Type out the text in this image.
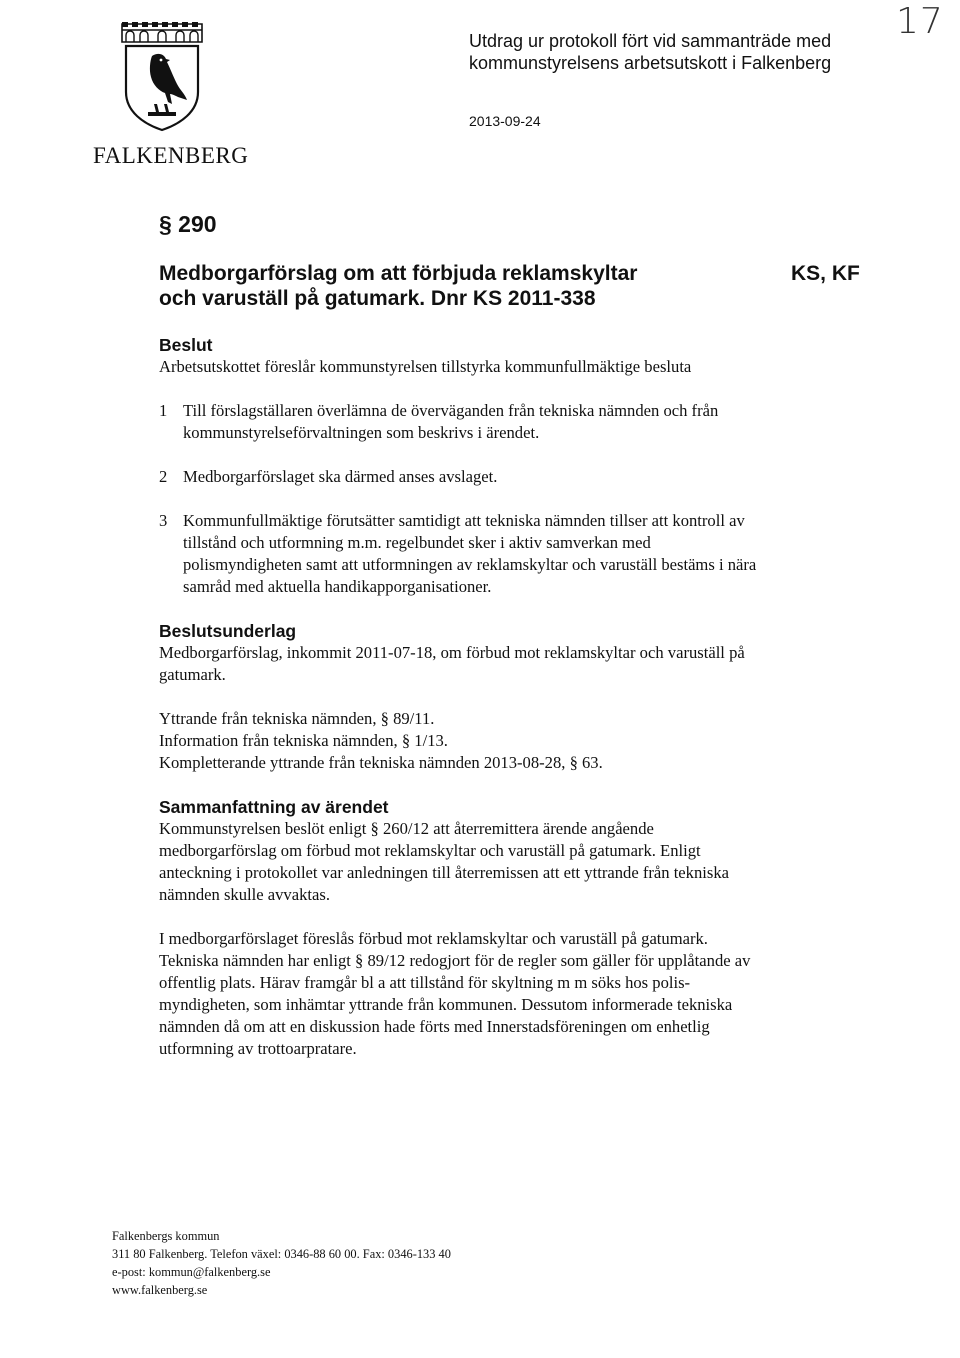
17
FALKENBERG
Utdrag ur protokoll fört vid sammanträde med
kommunstyrelsens arbetsutskott i Falkenberg
2013-09-24
§ 290
Medborgarförslag om att förbjuda reklamskyltar
och varuställ på gatumark. Dnr KS 2011-338
KS, KF
Beslut
Arbetsutskottet föreslår kommunstyrelsen tillstyrka kommunfullmäktige besluta
1 Till förslagställaren överlämna de överväganden från tekniska nämnden och från
kommunstyrelseförvaltningen som beskrivs i ärendet.
2 Medborgarförslaget ska därmed anses avslaget.
3 Kommunfullmäktige förutsätter samtidigt att tekniska nämnden tillser att kontroll av
tillstånd och utformning m.m. regelbundet sker i aktiv samverkan med
polismyndigheten samt att utformningen av reklamskyltar och varuställ bestäms i nära
samråd med aktuella handikapporganisationer.
Beslutsunderlag
Medborgarförslag, inkommit 2011-07-18, om förbud mot reklamskyltar och varuställ på
gatumark.
Yttrande från tekniska nämnden, § 89/11.
Information från tekniska nämnden, § 1/13.
Kompletterande yttrande från tekniska nämnden 2013-08-28, § 63.
Sammanfattning av ärendet
Kommunstyrelsen beslöt enligt § 260/12 att återremittera ärende angående
medborgarförslag om förbud mot reklamskyltar och varuställ på gatumark. Enligt
anteckning i protokollet var anledningen till återremissen att ett yttrande från tekniska
nämnden skulle avvaktas.
I medborgarförslaget föreslås förbud mot reklamskyltar och varuställ på gatumark.
Tekniska nämnden har enligt § 89/12 redogjort för de regler som gäller för upplåtande av
offentlig plats. Härav framgår bl a att tillstånd för skyltning m m söks hos polis-
myndigheten, som inhämtar yttrande från kommunen. Dessutom informerade tekniska
nämnden då om att en diskussion hade förts med Innerstadsföreningen om enhetlig
utformning av trottoarpratare.
Falkenbergs kommun
311 80 Falkenberg. Telefon växel: 0346-88 60 00. Fax: 0346-133 40
e-post: kommun@falkenberg.se
www.falkenberg.se
